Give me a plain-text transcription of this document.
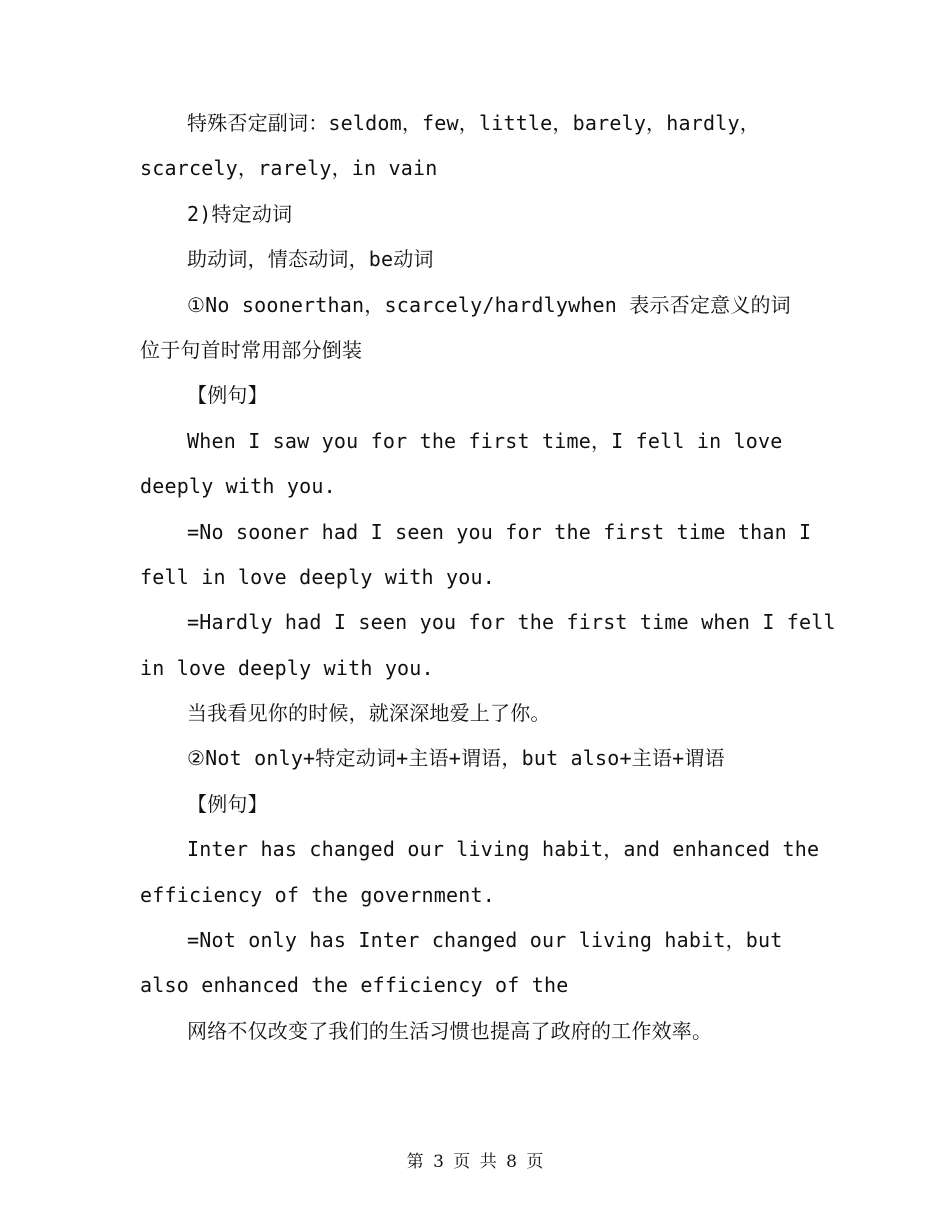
特殊否定副词：seldom，few，little，barely，hardly，
scarcely，rarely，in vain
2)特定动词
助动词，情态动词，be动词
①No soonerthan，scarcely/hardlywhen 表示否定意义的词
位于句首时常用部分倒装
【例句】
When I saw you for the first time，I fell in love
deeply with you.
=No sooner had I seen you for the first time than I
fell in love deeply with you.
=Hardly had I seen you for the first time when I fell
in love deeply with you.
当我看见你的时候，就深深地爱上了你。
②Not only+特定动词+主语+谓语，but also+主语+谓语
【例句】
Inter has changed our living habit，and enhanced the
efficiency of the government.
=Not only has Inter changed our living habit，but
also enhanced the efficiency of the
网络不仅改变了我们的生活习惯也提高了政府的工作效率。
第 3 页 共 8 页
